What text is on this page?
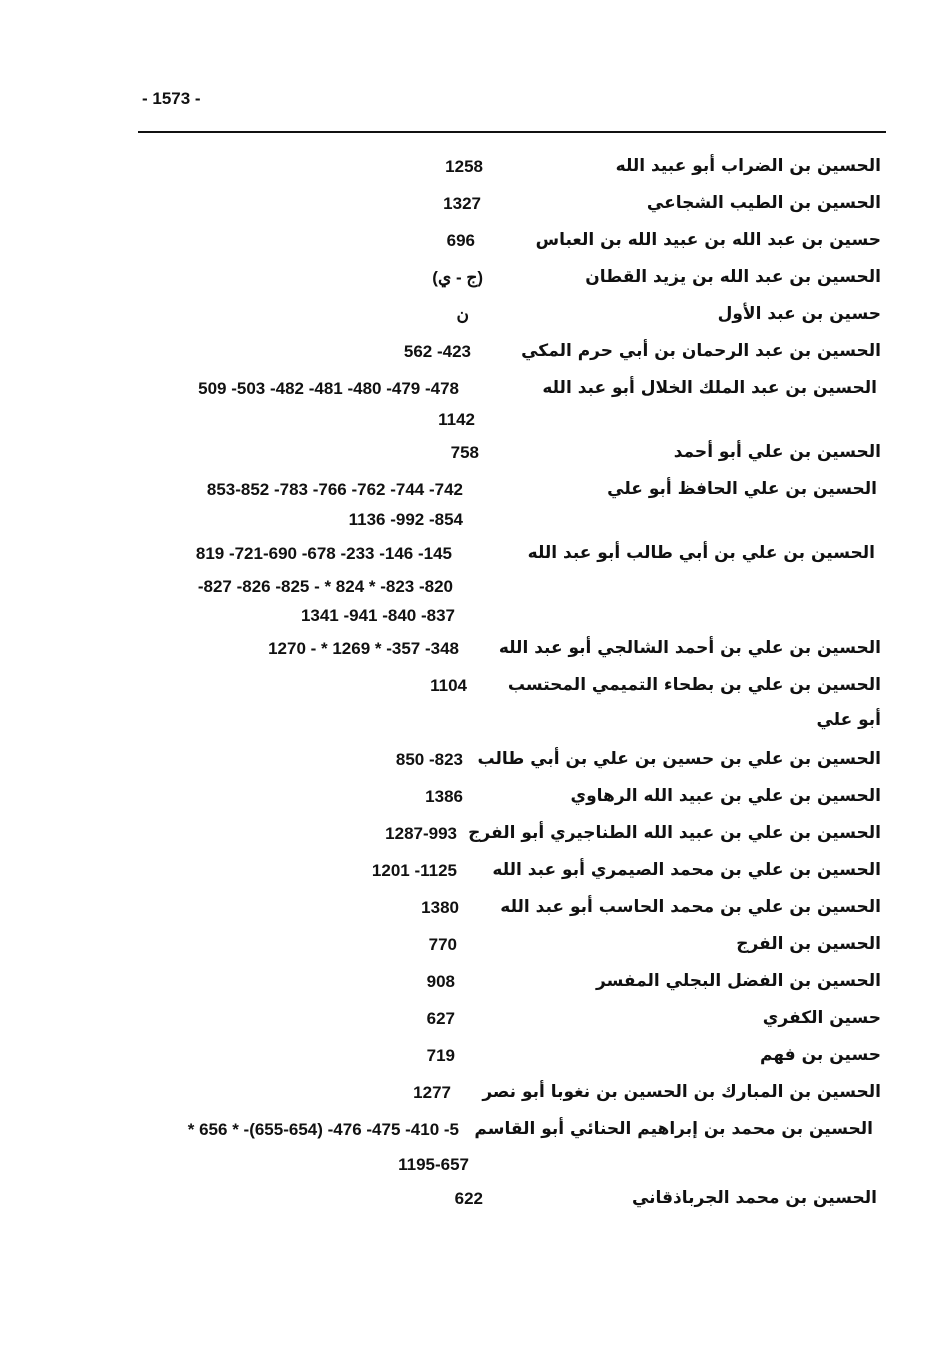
- 1573 -
الحسين بن الضراب أبو عبيد الله
1258
الحسين بن الطيب الشجاعي
1327
حسين بن عبد الله بن عبيد الله بن العباس
696
الحسين بن عبد الله بن يزيد القطان
(ج - ي)
حسين بن عبد الأول
ن
الحسين بن عبد الرحمان بن أبي حرم المكي
562 -423
الحسين بن عبد الملك الخلال أبو عبد الله
509 -503 -482 -481 -480 -479 -478
1142
الحسين بن علي أبو أحمد
758
الحسين بن علي الحافظ أبو علي
853-852 -783 -766 -762 -744 -742
1136 -992 -854
الحسين بن علي بن أبي طالب أبو عبد الله
819 -721-690 -678 -233 -146 -145
-827 -826 -825 - * 824 * -823 -820
1341 -941 -840 -837
الحسين بن علي بن أحمد الشالجي أبو عبد الله
1270 - * 1269 * -357 -348
الحسين بن علي بن بطحاء التميمي المحتسب
أبو علي
1104
الحسين بن علي بن حسين بن علي بن أبي طالب
850 -823
الحسين بن علي بن عبيد الله الرهاوي
1386
الحسين بن علي بن عبيد الله الطناجيري أبو الفرج
1287-993
الحسين بن علي بن محمد الصيمري أبو عبد الله
1201 -1125
الحسين بن علي بن محمد الحاسب أبو عبد الله
1380
الحسين بن الفرج
770
الحسين بن الفضل البجلي المفسر
908
حسين الكفري
627
حسين بن فهم
719
الحسين بن المبارك بن الحسين بن نغوبا أبو نصر
1277
الحسين بن محمد بن إبراهيم الحنائي أبو القاسم
* 656 * -(655-654) -476 -475 -410 -5
1195-657
الحسين بن محمد الجرباذقاني
622
